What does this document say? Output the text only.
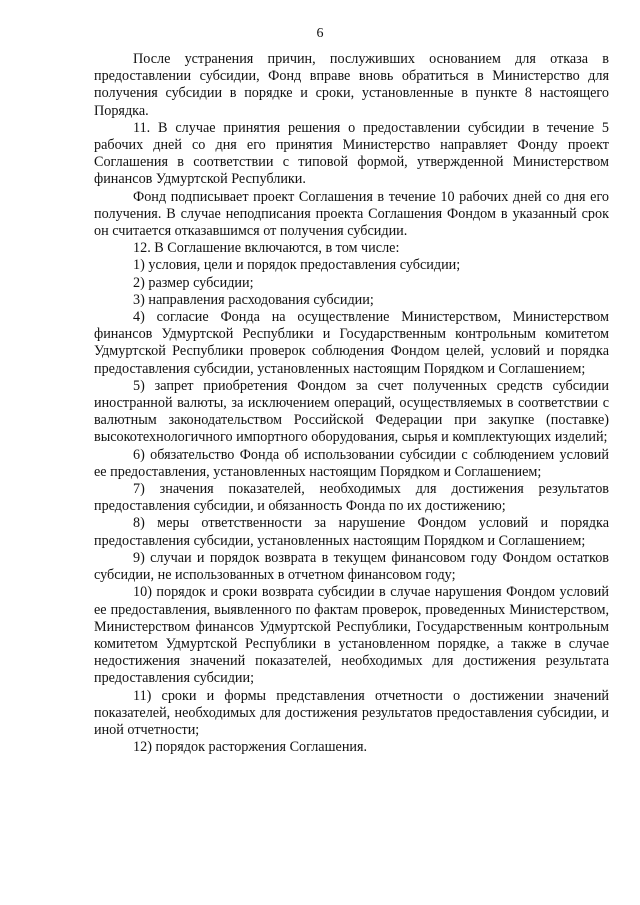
6

После устранения причин, послуживших основанием для отказа в предоставлении субсидии, Фонд вправе вновь обратиться в Министерство для получения субсидии в порядке и сроки, установленные в пункте 8 настоящего Порядка.

11. В случае принятия решения о предоставлении субсидии в течение 5 рабочих дней со дня его принятия Министерство направляет Фонду проект Соглашения в соответствии с типовой формой, утвержденной Министерством финансов Удмуртской Республики.

Фонд подписывает проект Соглашения в течение 10 рабочих дней со дня его получения. В случае неподписания проекта Соглашения Фондом в указанный срок он считается отказавшимся от получения субсидии.

12. В Соглашение включаются, в том числе:

1) условия, цели и порядок предоставления субсидии;

2) размер субсидии;

3) направления расходования субсидии;

4) согласие Фонда на осуществление Министерством, Министерством финансов Удмуртской Республики и Государственным контрольным комитетом Удмуртской Республики проверок соблюдения Фондом целей, условий и порядка предоставления субсидии, установленных настоящим Порядком и Соглашением;

5) запрет приобретения Фондом за счет полученных средств субсидии иностранной валюты, за исключением операций, осуществляемых в соответствии с валютным законодательством Российской Федерации при закупке (поставке) высокотехнологичного импортного оборудования, сырья и комплектующих изделий;

6) обязательство Фонда об использовании субсидии с соблюдением условий ее предоставления, установленных настоящим Порядком и Соглашением;

7) значения показателей, необходимых для достижения результатов предоставления субсидии, и обязанность Фонда по их достижению;

8) меры ответственности за нарушение Фондом условий и порядка предоставления субсидии, установленных настоящим Порядком и Соглашением;

9) случаи и порядок возврата в текущем финансовом году Фондом остатков субсидии, не использованных в отчетном финансовом году;

10) порядок и сроки возврата субсидии в случае нарушения Фондом условий ее предоставления, выявленного по фактам проверок, проведенных Министерством, Министерством финансов Удмуртской Республики, Государственным контрольным комитетом Удмуртской Республики в установленном порядке, а также в случае недостижения значений показателей, необходимых для достижения результата предоставления субсидии;

11) сроки и формы представления отчетности о достижении значений показателей, необходимых для достижения результатов предоставления субсидии, и иной отчетности;

12) порядок расторжения Соглашения.
